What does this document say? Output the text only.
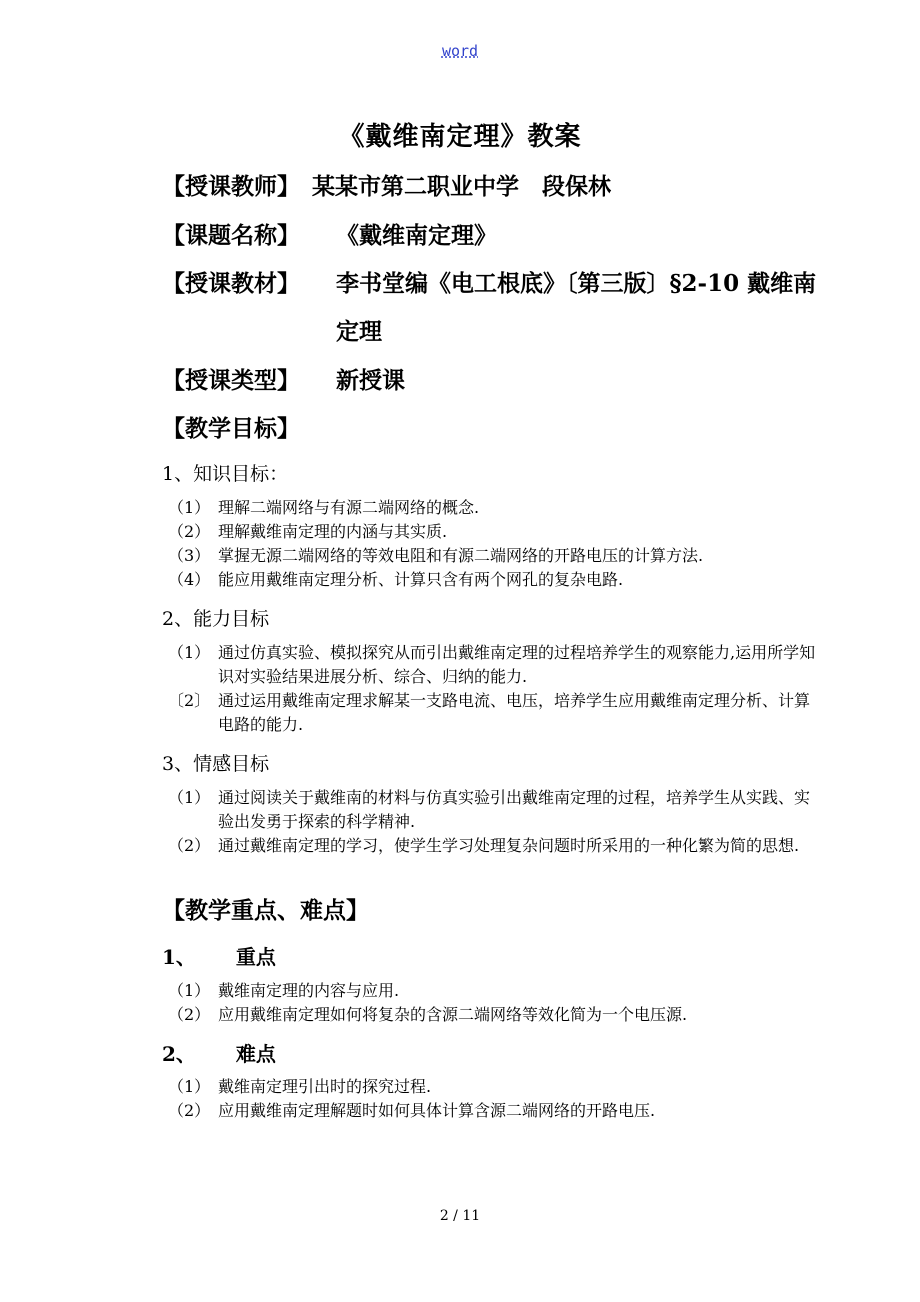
word
《戴维南定理》教案
【授课教师】 某某市第二职业中学　段保林
【课题名称】 《戴维南定理》
【授课教材】 李书堂编《电工根底》〔第三版〕§2-10 戴维南
定理
【授课类型】 新授课
【教学目标】
1、知识目标：
（1） 理解二端网络与有源二端网络的概念.
（2） 理解戴维南定理的内涵与其实质.
（3） 掌握无源二端网络的等效电阻和有源二端网络的开路电压的计算方法.
（4） 能应用戴维南定理分析、计算只含有两个网孔的复杂电路.
2、能力目标
（1） 通过仿真实验、模拟探究从而引出戴维南定理的过程培养学生的观察能力,运用所学知识对实验结果进展分析、综合、归纳的能力.
〔2〕 通过运用戴维南定理求解某一支路电流、电压，培养学生应用戴维南定理分析、计算电路的能力.
3、情感目标
（1） 通过阅读关于戴维南的材料与仿真实验引出戴维南定理的过程，培养学生从实践、实验出发勇于探索的科学精神.
（2） 通过戴维南定理的学习，使学生学习处理复杂问题时所采用的一种化繁为简的思想.
【教学重点、难点】
1、 重点
（1） 戴维南定理的内容与应用.
（2） 应用戴维南定理如何将复杂的含源二端网络等效化简为一个电压源.
2、 难点
（1） 戴维南定理引出时的探究过程.
（2） 应用戴维南定理解题时如何具体计算含源二端网络的开路电压.
2 / 11
